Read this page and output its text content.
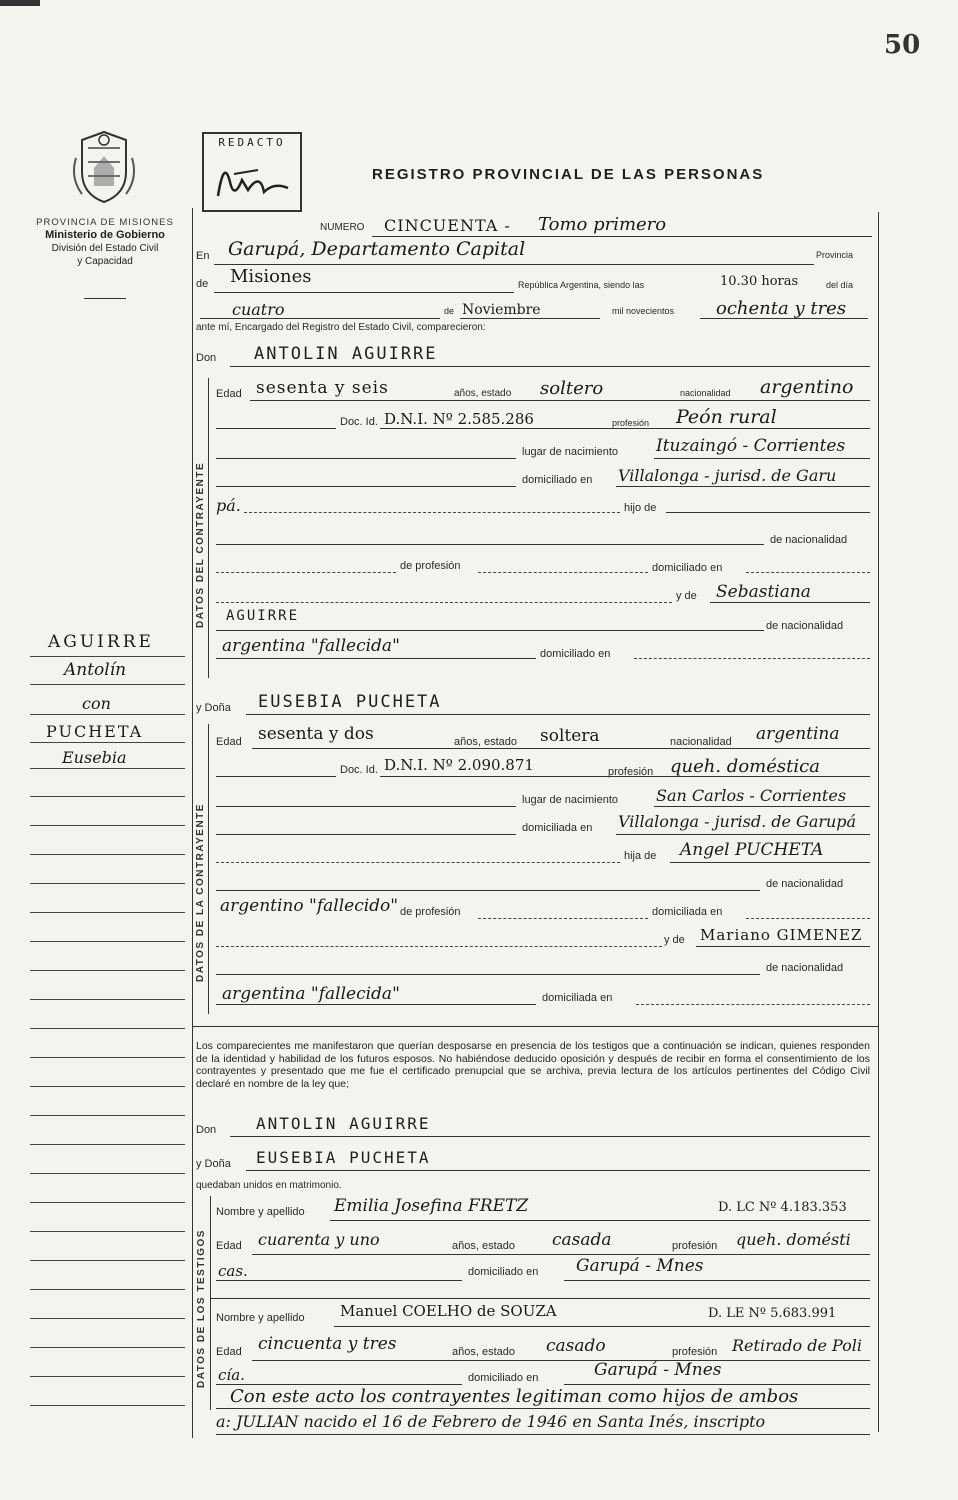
50
PROVINCIA DE MISIONES
Ministerio de Gobierno
División del Estado Civil
y Capacidad
REDACTO
REGISTRO PROVINCIAL DE LAS PERSONAS
NUMERO CINCUENTA - Tomo primero
En Garupá, Departamento Capital	Provincia
de Misiones	República Argentina, siendo las	10.30 horas	del día
cuatro	de Noviembre	mil novecientos ochenta y tres
ante mí, Encargado del Registro del Estado Civil, comparecieron:
Don ANTOLIN AGUIRRE
DATOS DEL CONTRAYENTE
Edad sesenta y seis	años, estado soltero	nacionalidad argentino
Doc. Id. D.N.I. Nº 2.585.286	profesión Peón rural
lugar de nacimiento Ituzaingó - Corrientes
domiciliado en Villalonga - jurisd. de Garu
pá.	hijo de
de nacionalidad
de profesión	domiciliado en
y de Sebastiana
AGUIRRE
de nacionalidad
argentina "fallecida"	domiciliado en
AGUIRRE
Antolín
con
PUCHETA
Eusebia
y Doña EUSEBIA PUCHETA
DATOS DE LA CONTRAYENTE
Edad sesenta y dos	años, estado soltera	nacionalidad argentina
Doc. Id. D.N.I. Nº 2.090.871	profesión queh. doméstica
lugar de nacimiento San Carlos - Corrientes
domiciliada en Villalonga - jurisd. de Garupá
hija de Angel PUCHETA
de nacionalidad
argentino "fallecido" de profesión	domiciliada en
y de Mariano GIMENEZ
de nacionalidad
argentina "fallecida"	domiciliada en
Los comparecientes me manifestaron que querían desposarse en presencia de los testigos que a continuación se indican, quienes responden de la identidad y habilidad de los futuros esposos. No habiéndose deducido oposición y después de recibir en forma el consentimiento de los contrayentes y presentado que me fue el certificado prenupcial que se archiva, previa lectura de los artículos pertinentes del Código Civil declaré en nombre de la ley que;
Don ANTOLIN AGUIRRE
y Doña EUSEBIA PUCHETA
quedaban unidos en matrimonio.
DATOS DE LOS TESTIGOS
Nombre y apellido Emilia Josefina FRETZ	D. LC Nº 4.183.353
Edad cuarenta y uno	años, estado casada	profesión queh. domésti
cas.	domiciliado en Garupá - Mnes
Nombre y apellido Manuel COELHO de SOUZA	D. LE Nº 5.683.991
Edad cincuenta y tres	años, estado casado	profesión Retirado de Poli
cía.	domiciliado en	Garupá - Mnes
Con este acto los contrayentes legitiman como hijos de ambos
a: JULIAN nacido el 16 de Febrero de 1946 en Santa Inés, inscripto
